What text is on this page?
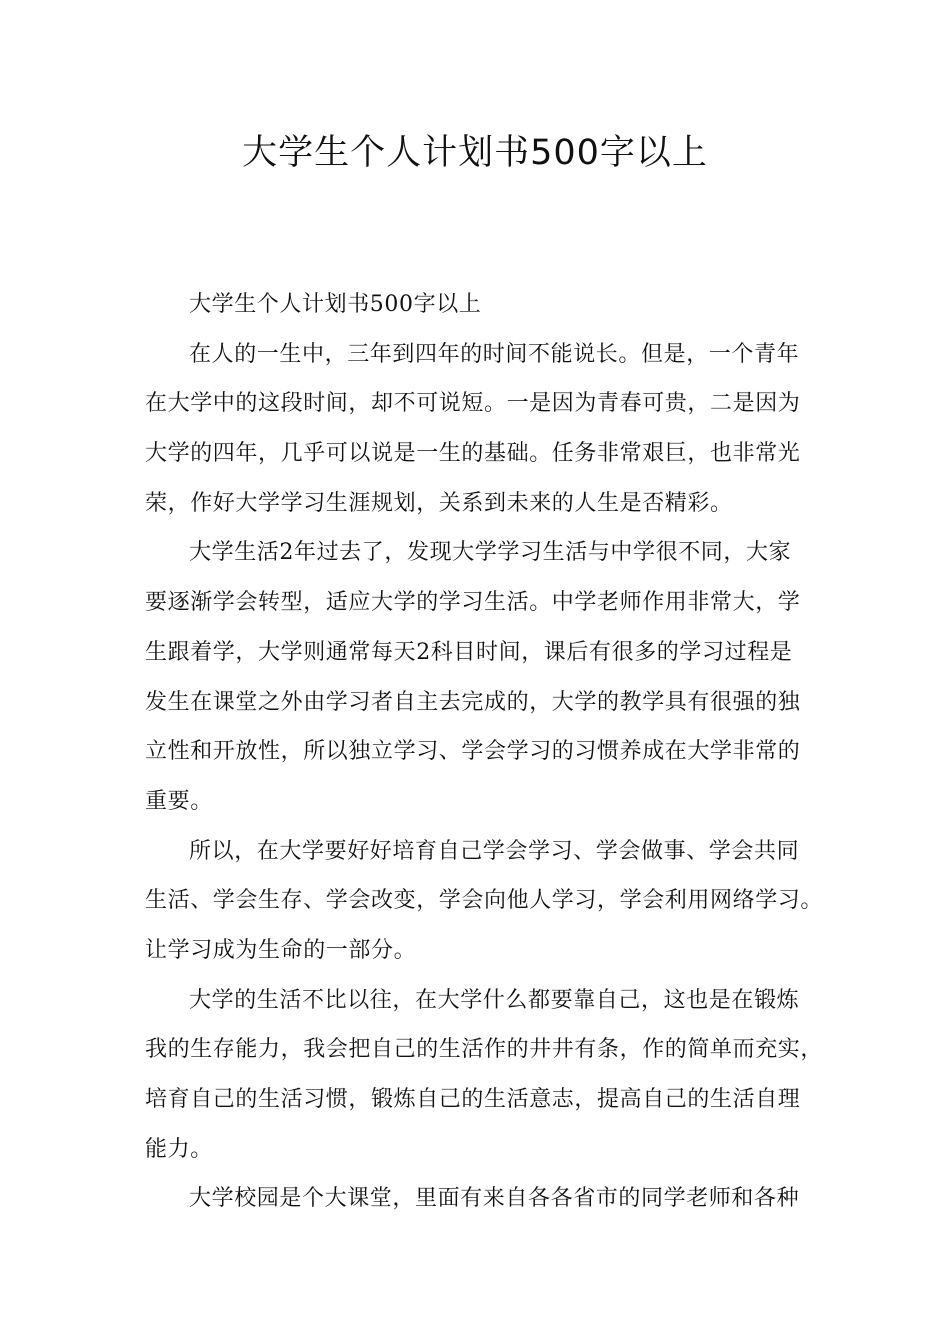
大学生个人计划书500字以上
大学生个人计划书500字以上
在人的一生中，三年到四年的时间不能说长。但是，一个青年
在大学中的这段时间，却不可说短。一是因为青春可贵，二是因为
大学的四年，几乎可以说是一生的基础。任务非常艰巨，也非常光
荣，作好大学学习生涯规划，关系到未来的人生是否精彩。
大学生活2年过去了，发现大学学习生活与中学很不同，大家
要逐渐学会转型，适应大学的学习生活。中学老师作用非常大，学
生跟着学，大学则通常每天2科目时间，课后有很多的学习过程是
发生在课堂之外由学习者自主去完成的，大学的教学具有很强的独
立性和开放性，所以独立学习、学会学习的习惯养成在大学非常的
重要。
所以，在大学要好好培育自己学会学习、学会做事、学会共同
生活、学会生存、学会改变，学会向他人学习，学会利用网络学习。
让学习成为生命的一部分。
大学的生活不比以往，在大学什么都要靠自己，这也是在锻炼
我的生存能力，我会把自己的生活作的井井有条，作的简单而充实，
培育自己的生活习惯，锻炼自己的生活意志，提高自己的生活自理
能力。
大学校园是个大课堂，里面有来自各各省市的同学老师和各种
